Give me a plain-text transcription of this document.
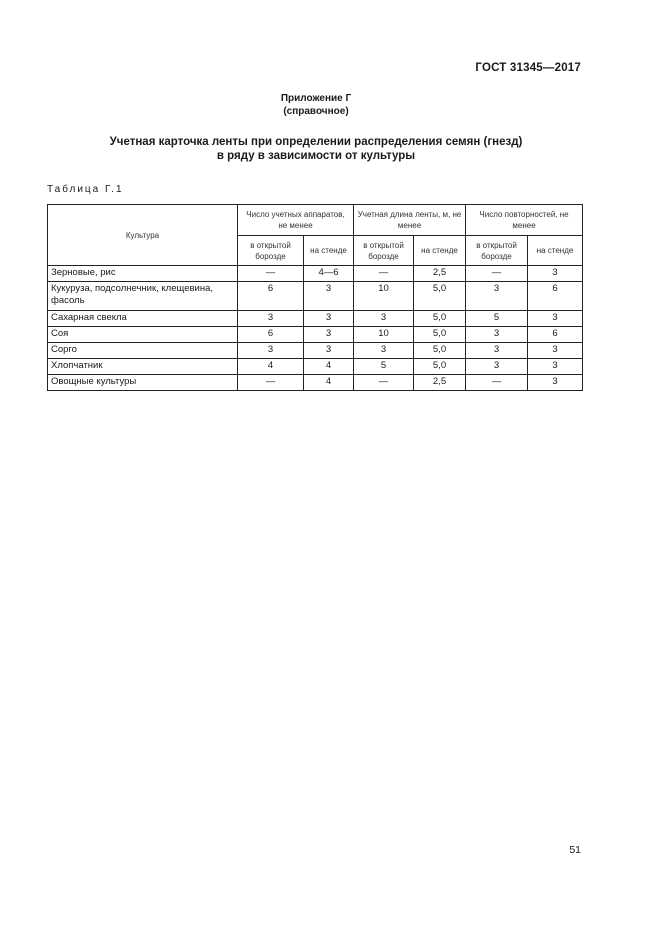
ГОСТ 31345—2017
Приложение Г
(справочное)
Учетная карточка ленты при определении распределения семян (гнезд)
в ряду в зависимости от культуры
Таблица Г.1
Культура	Число учетных аппаратов, не менее		Учетная длина ленты, м, не менее		Число повторностей, не менее	
	в открытой борозде	на стенде	в открытой борозде	на стенде	в открытой борозде	на стенде
Зерновые, рис	—	4—6	—	2,5	—	3
Кукуруза, подсолнечник, клещевина, фасоль	6	3	10	5,0	3	6
Сахарная свекла	3	3	3	5,0	5	3
Соя	6	3	10	5,0	3	6
Сорго	3	3	3	5,0	3	3
Хлопчатник	4	4	5	5,0	3	3
Овощные культуры	—	4	—	2,5	—	3
51
